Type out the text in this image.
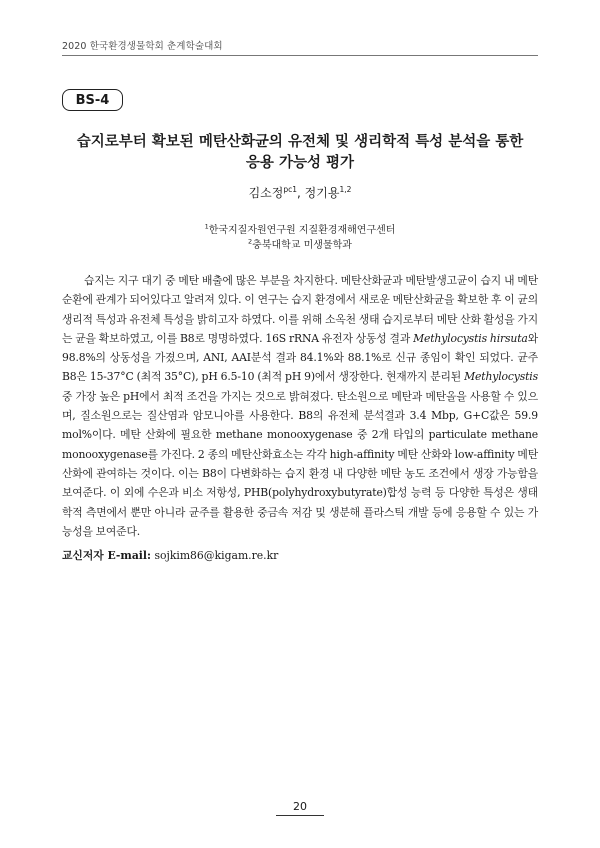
2020 한국환경생물학회 춘계학술대회
BS-4
습지로부터 확보된 메탄산화균의 유전체 및 생리학적 특성 분석을 통한
응용 가능성 평가
김소정$^{pc1}$, 정기용$^{1,2}$
$^1$한국지질자원연구원 지질환경재해연구센터
$^2$충북대학교 미생물학과

습지는 지구 대기 중 메탄 배출에 많은 부분을 차지한다. 메탄산화균과 메탄발생고균이 습지 내 메탄 순환에 관계가 되어있다고 알려져 있다. 이 연구는 습지 환경에서 새로운 메탄산화균을 확보한 후 이 균의 생리적 특성과 유전체 특성을 밝히고자 하였다. 이를 위해 소옥천 생태 습지로부터 메탄 산화 활성을 가지는 균을 확보하였고, 이를 B8로 명명하였다. 16S rRNA 유전자 상동성 결과 Methylocystis hirsuta와 98.8%의 상동성을 가졌으며, ANI, AAI분석 결과 84.1%와 88.1%로 신규 종임이 확인 되었다. 균주 B8은 15-37°C (최적 35°C), pH 6.5-10 (최적 pH 9)에서 생장한다. 현재까지 분리된 Methylocystis중 가장 높은 pH에서 최적 조건을 가지는 것으로 밝혀졌다. 탄소원으로 메탄과 메탄올을 사용할 수 있으며, 질소원으로는 질산염과 암모니아를 사용한다. B8의 유전체 분석결과 3.4 Mbp, G+C값은 59.9 mol%이다. 메탄 산화에 필요한 methane monooxygenase 중 2개 타입의 particulate methane monooxygenase를 가진다. 2 종의 메탄산화효소는 각각 high-affinity 메탄 산화와 low-affinity 메탄 산화에 관여하는 것이다. 이는 B8이 다변화하는 습지 환경 내 다양한 메탄 농도 조건에서 생장 가능함을 보여준다. 이 외에 수은과 비소 저항성, PHB(polyhydroxybutyrate)합성 능력 등 다양한 특성은 생태학적 측면에서 뿐만 아니라 균주를 활용한 중금속 저감 및 생분해 플라스틱 개발 등에 응용할 수 있는 가능성을 보여준다.

교신저자 E-mail: sojkim86@kigam.re.kr
20
